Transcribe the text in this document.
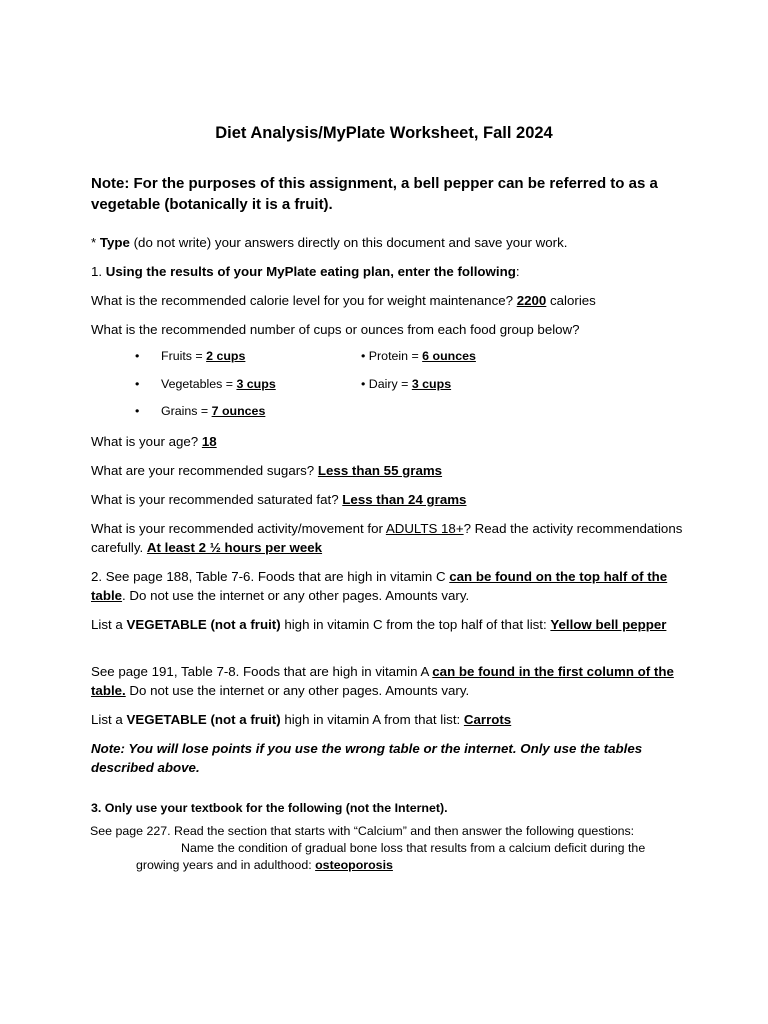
Diet Analysis/MyPlate Worksheet, Fall 2024
Note: For the purposes of this assignment, a bell pepper can be referred to as a vegetable (botanically it is a fruit).
* Type (do not write) your answers directly on this document and save your work.
1. Using the results of your MyPlate eating plan, enter the following:
What is the recommended calorie level for you for weight maintenance? 2200 calories
What is the recommended number of cups or ounces from each food group below?
• Fruits = 2 cups	• Protein = 6 ounces
• Vegetables = 3 cups	• Dairy = 3 cups
• Grains = 7 ounces
What is your age? 18
What are your recommended sugars? Less than 55 grams
What is your recommended saturated fat? Less than 24 grams
What is your recommended activity/movement for ADULTS 18+? Read the activity recommendations carefully. At least 2 ½ hours per week
2. See page 188, Table 7-6. Foods that are high in vitamin C can be found on the top half of the table. Do not use the internet or any other pages. Amounts vary.
List a VEGETABLE (not a fruit) high in vitamin C from the top half of that list: Yellow bell pepper
See page 191, Table 7-8. Foods that are high in vitamin A can be found in the first column of the table. Do not use the internet or any other pages. Amounts vary.
List a VEGETABLE (not a fruit) high in vitamin A from that list: Carrots
Note: You will lose points if you use the wrong table or the internet. Only use the tables described above.
3. Only use your textbook for the following (not the Internet).
See page 227. Read the section that starts with “Calcium” and then answer the following questions:
Name the condition of gradual bone loss that results from a calcium deficit during the
growing years and in adulthood: osteoporosis
